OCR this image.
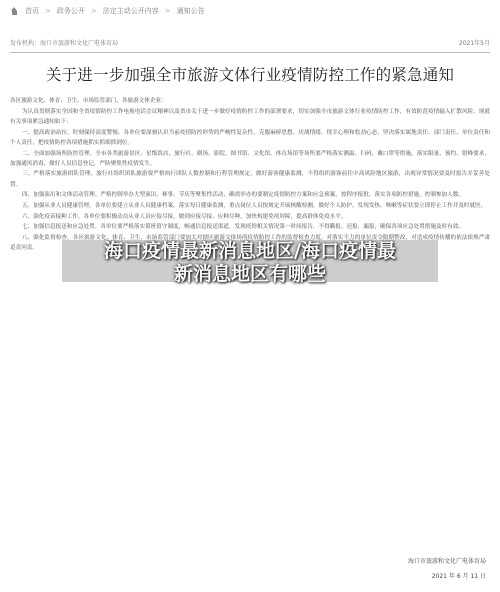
首页 > 政务公开 > 法定主动公开内容 > 通知公告
发布机构：海口市旅游和文化广电体育局	2021年5月
关于进一步加强全市旅游文体行业疫情防控工作的紧急通知

各区旅游文化、体育、卫生、市场监管部门，各旅游文体企业：

为认真贯彻落实全国和全省疫情防控工作电视电话会议精神以及省市关于进一步做好疫情防控工作的部署要求，切实加强全市旅游文体行业疫情防控工作，有效防范疫情输入扩散风险，现就有关事项紧急通知如下：

一、提高政治站位，时刻保持高度警惕。各单位要深刻认识当前疫情防控形势的严峻性复杂性，克服麻痹思想、厌战情绪、侥幸心理和松劲心态，坚决落实属地责任、部门责任、单位责任和个人责任，把疫情防控各项措施抓实抓细抓到位。

二、全面加强场所防控管理。全市各类旅游景区、星级饭店、旅行社、剧场、影院、图书馆、文化馆、体育场馆等场所要严格落实测温、扫码、戴口罩等措施，落实限量、预约、错峰要求，加强通风消毒，做好人员信息登记，严防聚集性疫情发生。

三、严格落实旅游团队管理。旅行社组织团队旅游要严格执行团队人数控制和行程管理规定，做好游客健康监测，不得组织游客前往中高风险地区旅游，出现异常情况要及时报告并妥善处置。

四、加强演出和文体活动管理。严格控制举办大型演出、赛事、节庆等聚集性活动，确需举办的要制定疫情防控方案和应急预案，按程序报批，落实各项防控措施，控制参加人数。

五、加强从业人员健康管理。各单位要建立从业人员健康档案，落实每日健康监测，重点岗位人员按规定开展核酸检测，做好个人防护，发现发热、咳嗽等症状要立即停止工作并及时就医。

六、强化疫苗接种工作。各单位要积极动员从业人员应接尽接，做到应接尽接、应种尽种，加快构建免疫屏障，提高群体免疫水平。

七、加强信息报送和应急处置。各单位要严格落实值班值守制度，畅通信息报送渠道，发现疫情相关情况第一时间报告，不得瞒报、迟报、漏报，确保各项应急处置措施及时有效。

八、强化监督检查。各区旅游文化、体育、卫生、市场监管部门要加大对辖区旅游文体场所疫情防控工作的监督检查力度，对落实不力的单位责令限期整改，对造成疫情传播的依法依规严肃追责问责。	海口疫情最新消息地区/海口疫情最
新消息地区有哪些
海口市旅游和文化广电体育局
2021 年 6 月 11 日
